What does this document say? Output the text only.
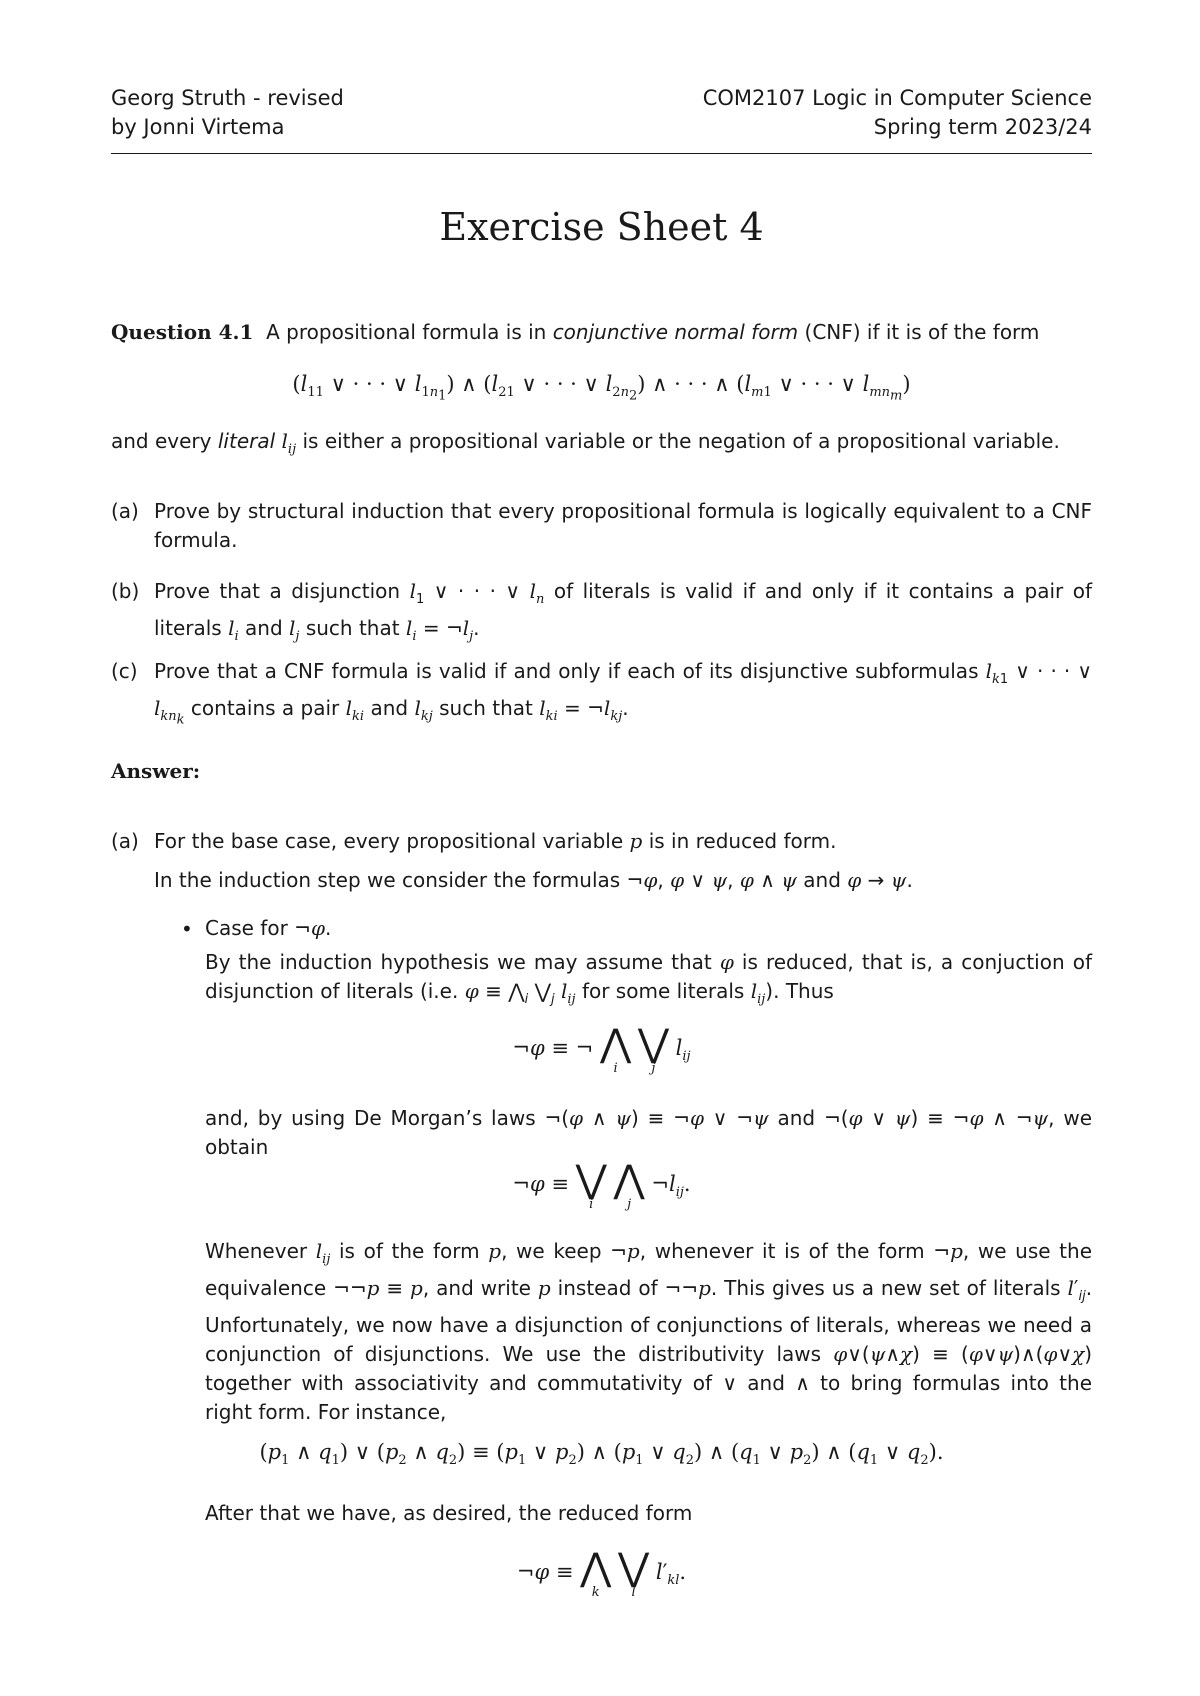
Georg Struth - revised
by Jonni Virtema
COM2107 Logic in Computer Science
Spring term 2023/24
Exercise Sheet 4
Question 4.1 A propositional formula is in conjunctive normal form (CNF) if it is of the form
($l_{11}$ ∨ · · · ∨ $l_{1n_1}$) ∧ ($l_{21}$ ∨ · · · ∨ $l_{2n_2}$) ∧ · · · ∧ ($l_{m1}$ ∨ · · · ∨ $l_{mn_m}$)
and every literal $l_{ij}$ is either a propositional variable or the negation of a propositional variable.
(a) Prove by structural induction that every propositional formula is logically equivalent to a CNF formula.
(b) Prove that a disjunction $l_1$ ∨ · · · ∨ $l_n$ of literals is valid if and only if it contains a pair of literals $l_i$ and $l_j$ such that $l_i$ = $\neg l_j$.
(c) Prove that a CNF formula is valid if and only if each of its disjunctive subformulas $l_{k1}$ ∨ · · · ∨ $l_{kn_k}$ contains a pair $l_{ki}$ and $l_{kj}$ such that $l_{ki}$ = $\neg l_{kj}$.
Answer:
(a) For the base case, every propositional variable p is in reduced form.
In the induction step we consider the formulas ¬φ, φ ∨ ψ, φ ∧ ψ and φ → ψ.
• Case for ¬φ.
By the induction hypothesis we may assume that φ is reduced, that is, a conjuction of disjunction of literals (i.e. $\varphi \equiv ⋀_i$ $⋁_j$ $l_{ij}$ for some literals $l_{ij}$). Thus
¬φ ≡ ¬ ⋀
i

⋁
j
$l_{ij}$
and, by using De Morgan’s laws ¬(φ ∧ ψ) ≡ ¬φ ∨ ¬ψ and ¬(φ ∨ ψ) ≡ ¬φ ∧ ¬ψ, we obtain
¬φ ≡ ⋁
i

⋀
j
$\neg l_{ij}$.
Whenever $l_{ij}$ is of the form p, we keep ¬p, whenever it is of the form ¬p, we use the equivalence ¬¬p ≡ p, and write p instead of ¬¬p. This gives us a new set of literals $l'_{ij}$. Unfortunately, we now have a disjunction of conjunctions of literals, whereas we need a conjunction of disjunctions. We use the distributivity laws φ∨(ψ∧χ) ≡ (φ∨ψ)∧(φ∨χ) together with associativity and commutativity of ∨ and ∧ to bring formulas into the right form. For instance,
($p_1$ ∧ $q_1$) ∨ ($p_2$ ∧ $q_2) \equiv (p_1$ ∨ $p_2$) ∧ ($p_1$ ∨ $q_2$) ∧ ($q_1$ ∨ $p_2$) ∧ ($q_1$ ∨ $q_2$).
After that we have, as desired, the reduced form
¬φ ≡ ⋀
k

⋁
l
$l'_{kl}$.
